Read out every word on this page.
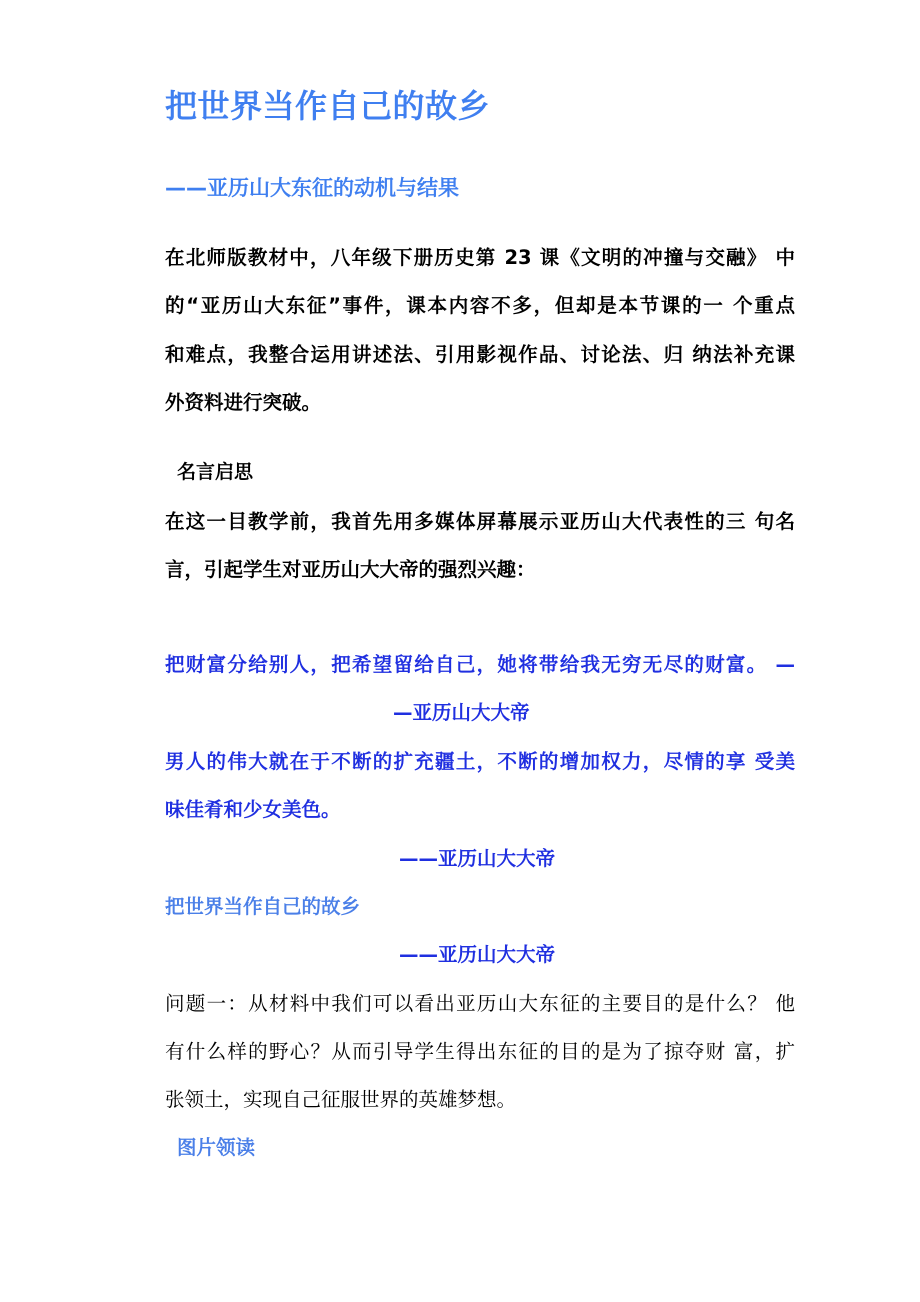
把世界当作自己的故乡
——亚历山大东征的动机与结果
在北师版教材中，八年级下册历史第 23 课《文明的冲撞与交融》 中
的“亚历山大东征”事件，课本内容不多，但却是本节课的一 个重点
和难点，我整合运用讲述法、引用影视作品、讨论法、归 纳法补充课
外资料进行突破。
名言启思
在这一目教学前，我首先用多媒体屏幕展示亚历山大代表性的三 句名
言，引起学生对亚历山大大帝的强烈兴趣：
把财富分给别人，把希望留给自己，她将带给我无穷无尽的财富。 —
—亚历山大大帝
男人的伟大就在于不断的扩充疆土，不断的增加权力，尽情的享 受美
味佳肴和少女美色。
——亚历山大大帝
把世界当作自己的故乡
——亚历山大大帝
问题一：从材料中我们可以看出亚历山大东征的主要目的是什么？ 他
有什么样的野心？从而引导学生得出东征的目的是为了掠夺财 富，扩
张领土，实现自己征服世界的英雄梦想。
图片领读
